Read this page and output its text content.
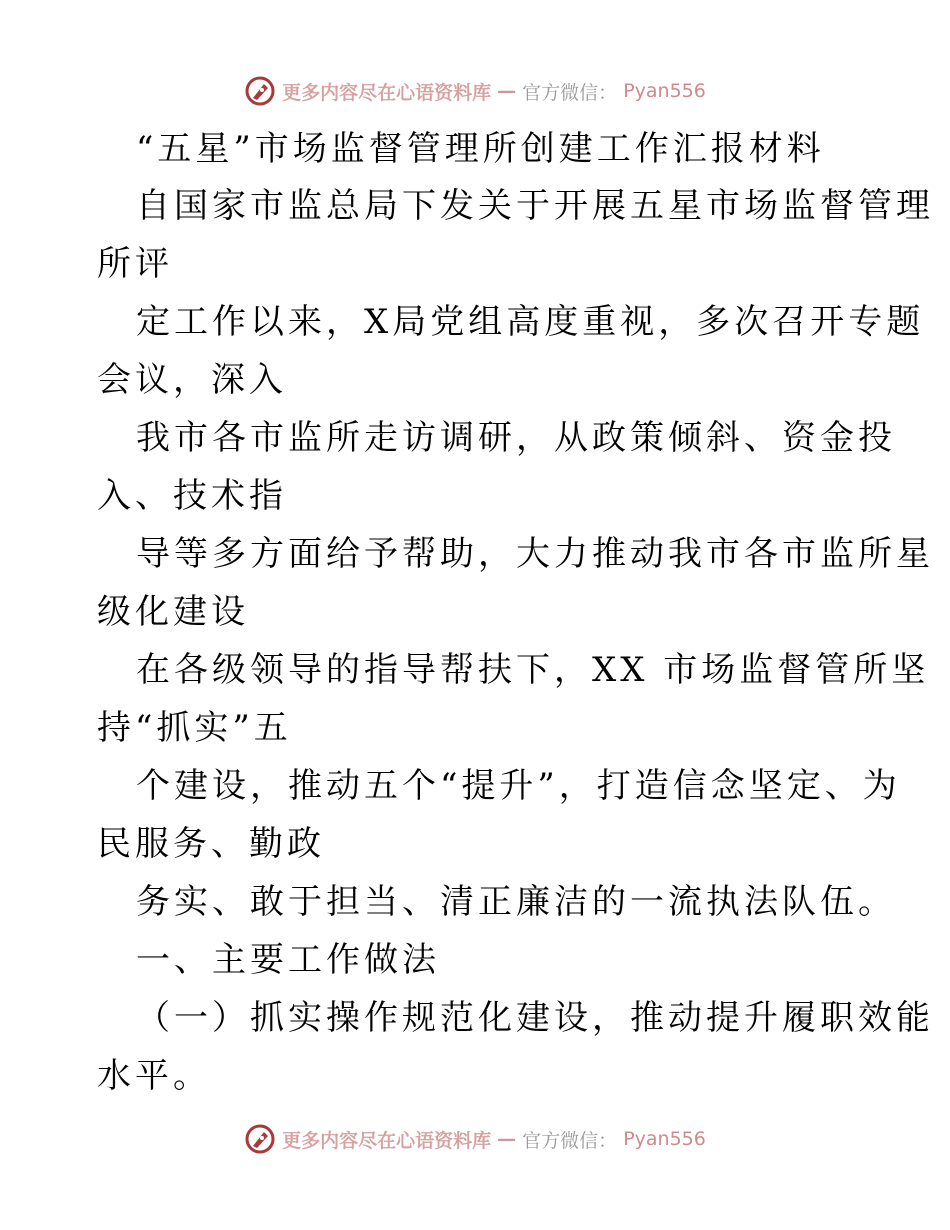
更多内容尽在心语资料库 — 官方微信： Pyan556
“五星”市场监督管理所创建工作汇报材料
自国家市监总局下发关于开展五星市场监督管理
所评
定工作以来，X局党组高度重视，多次召开专题
会议，深入
我市各市监所走访调研，从政策倾斜、资金投
入、技术指
导等多方面给予帮助，大力推动我市各市监所星
级化建设
在各级领导的指导帮扶下，XX 市场监督管所坚
持“抓实”五
个建设，推动五个“提升”，打造信念坚定、为
民服务、勤政
务实、敢于担当、清正廉洁的一流执法队伍。
一、主要工作做法
（一）抓实操作规范化建设，推动提升履职效能
水平。
更多内容尽在心语资料库 — 官方微信： Pyan556
